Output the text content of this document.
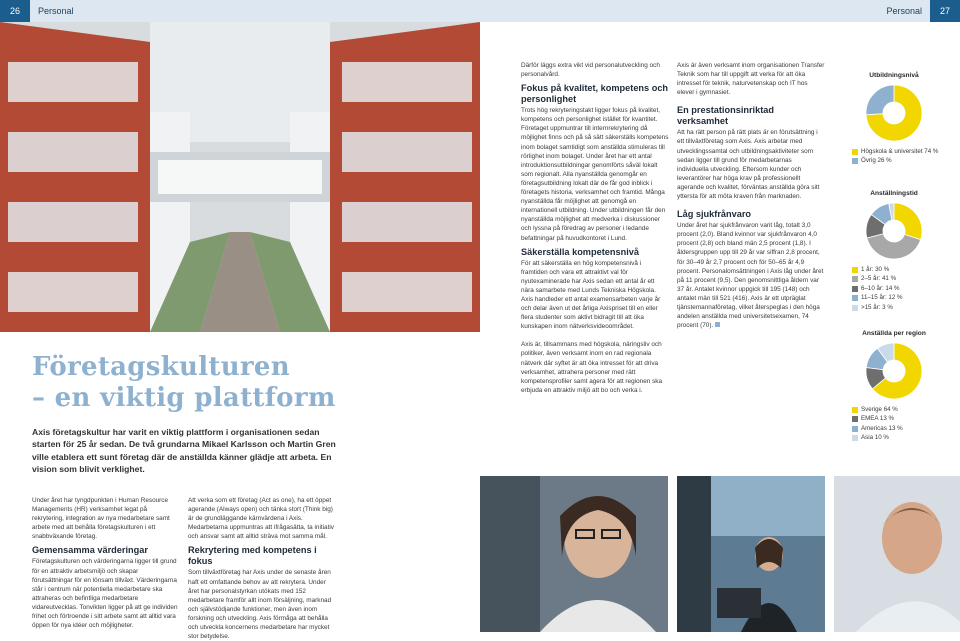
26	Personal	Personal	27
Företagskulturen
– en viktig plattform
Axis företagskultur har varit en viktig plattform i organisationen sedan starten för 25 år sedan. De två grundarna Mikael Karlsson och Martin Gren ville etablera ett sunt företag där de anställda känner glädje att arbeta. En vision som blivit verklighet.

Under året har tyngdpunkten i Human Resource Managements (HR) verksamhet legat på rekrytering, integration av nya medarbetare samt arbete med att behålla företagskulturen i ett snabbväxande företag.

Gemensamma värderingar

Företagskulturen och värderingarna ligger till grund för en attraktiv arbetsmiljö och skapar förutsättningar för en lönsam tillväxt. Värderingarna står i centrum när potentiella medarbetare ska attraheras och befintliga medarbetare vidareutvecklas. Tonvikten ligger på att ge individen frihet och förtroende i sitt arbete samt att alltid vara öppen för nya idéer och möjligheter.

Att verka som ett företag (Act as one), ha ett öppet agerande (Always open) och tänka stort (Think big) är de grundläggande kärnvärdena i Axis. Medarbetarna uppmuntras att ifrågasätta, ta initiativ och ansvar samt att alltid sträva mot samma mål.

Rekrytering med kompetens i fokus

Som tillväxtföretag har Axis under de senaste åren haft ett omfattande behov av att rekrytera. Under året har personalstyrkan utökats med 152 medarbetare framför allt inom försäljning, marknad och självstödjande funktioner, men även inom forskning och utveckling. Axis förmåga att behålla och utveckla koncernens medarbetare har mycket stor betydelse.

Därför läggs extra vikt vid personalutveckling och personalvård.

Fokus på kvalitet, kompetens och personlighet

Trots hög rekryteringstakt ligger fokus på kvalitet, kompetens och personlighet istället för kvantitet. Företaget uppmuntrar till internrekrytering då möjlighet finns och på så sätt säkerställs kompetens inom bolaget samtidigt som anställda stimuleras till rörlighet inom bolaget. Under året har ett antal introduktionsutbildningar genomförts såväl lokalt som regionalt. Alla nyanställda genomgår en företagsutbildning lokalt där de får god inblick i företagets historia, verksamhet och framtid. Många nyanställda får möjlighet att genomgå en internationell utbildning. Under utbildningen får den nyanställda möjlighet att medverka i diskussioner och lyssna på föredrag av personer i ledande befattningar på huvudkontoret i Lund.

Säkerställa kompetensnivå

För att säkerställa en hög kompetensnivå i framtiden och vara ett attraktivt val för nyutexaminerade har Axis sedan ett antal år ett nära samarbete med Lunds Tekniska Högskola. Axis handleder ett antal examensarbeten varje år och delar även ut det årliga Axispriset till en eller flera studenter som aktivt bidragit till att öka kunskapen inom nätverksvideoområdet.

Axis är, tillsammans med högskola, näringsliv och politiker, även verksamt inom en rad regionala nätverk där syftet är att öka intresset för att driva verksamhet, attrahera personer med rätt kompetensprofiler samt agera för att regionen ska erbjuda en attraktiv miljö att bo och verka i.

Axis är även verksamt inom organisationen Transfer Teknik som har till uppgift att verka för att öka intresset för teknik, naturvetenskap och IT hos elever i gymnasiet.

En prestationsinriktad verksamhet

Att ha rätt person på rätt plats är en förutsättning i ett tillväxtföretag som Axis. Axis arbetar med utvecklingssamtal och utbildningsaktiviteter som sedan ligger till grund för medarbetarnas individuella utveckling. Eftersom kunder och leverantörer har höga krav på professionellt agerande och kvalitet, förväntas anställda göra sitt yttersta för att möta kraven från marknaden.

Låg sjukfrånvaro

Under året har sjukfrånvaron varit låg, totalt 3,0 procent (2,0). Bland kvinnor var sjukfrånvaron 4,0 procent (2,8) och bland män 2,5 procent (1,8). I åldersgruppen upp till 29 år var siffran 2,8 procent, för 30–49 år 2,7 procent och för 50–65 år 4,9 procent. Personalomsättningen i Axis låg under året på 11 procent (9,5). Den genomsnittliga åldern var 37 år. Antalet kvinnor uppgick till 195 (148) och antalet män till 521 (416). Axis är ett utpräglat tjänstemannaföretag, vilket återspeglas i den höga andelen anställda med universitetsexamen, 74 procent (70).

Utbildningsnivå
Högskola & universitet 74 %
Övrig 26 %
Anställningstid
1 år: 30 %
2–5 år: 41 %
6–10 år: 14 %
11–15 år: 12 %
>15 år: 3 %
Anställda per region
Sverige 64 %
EMEA 13 %
Americas 13 %
Asia 10 %
